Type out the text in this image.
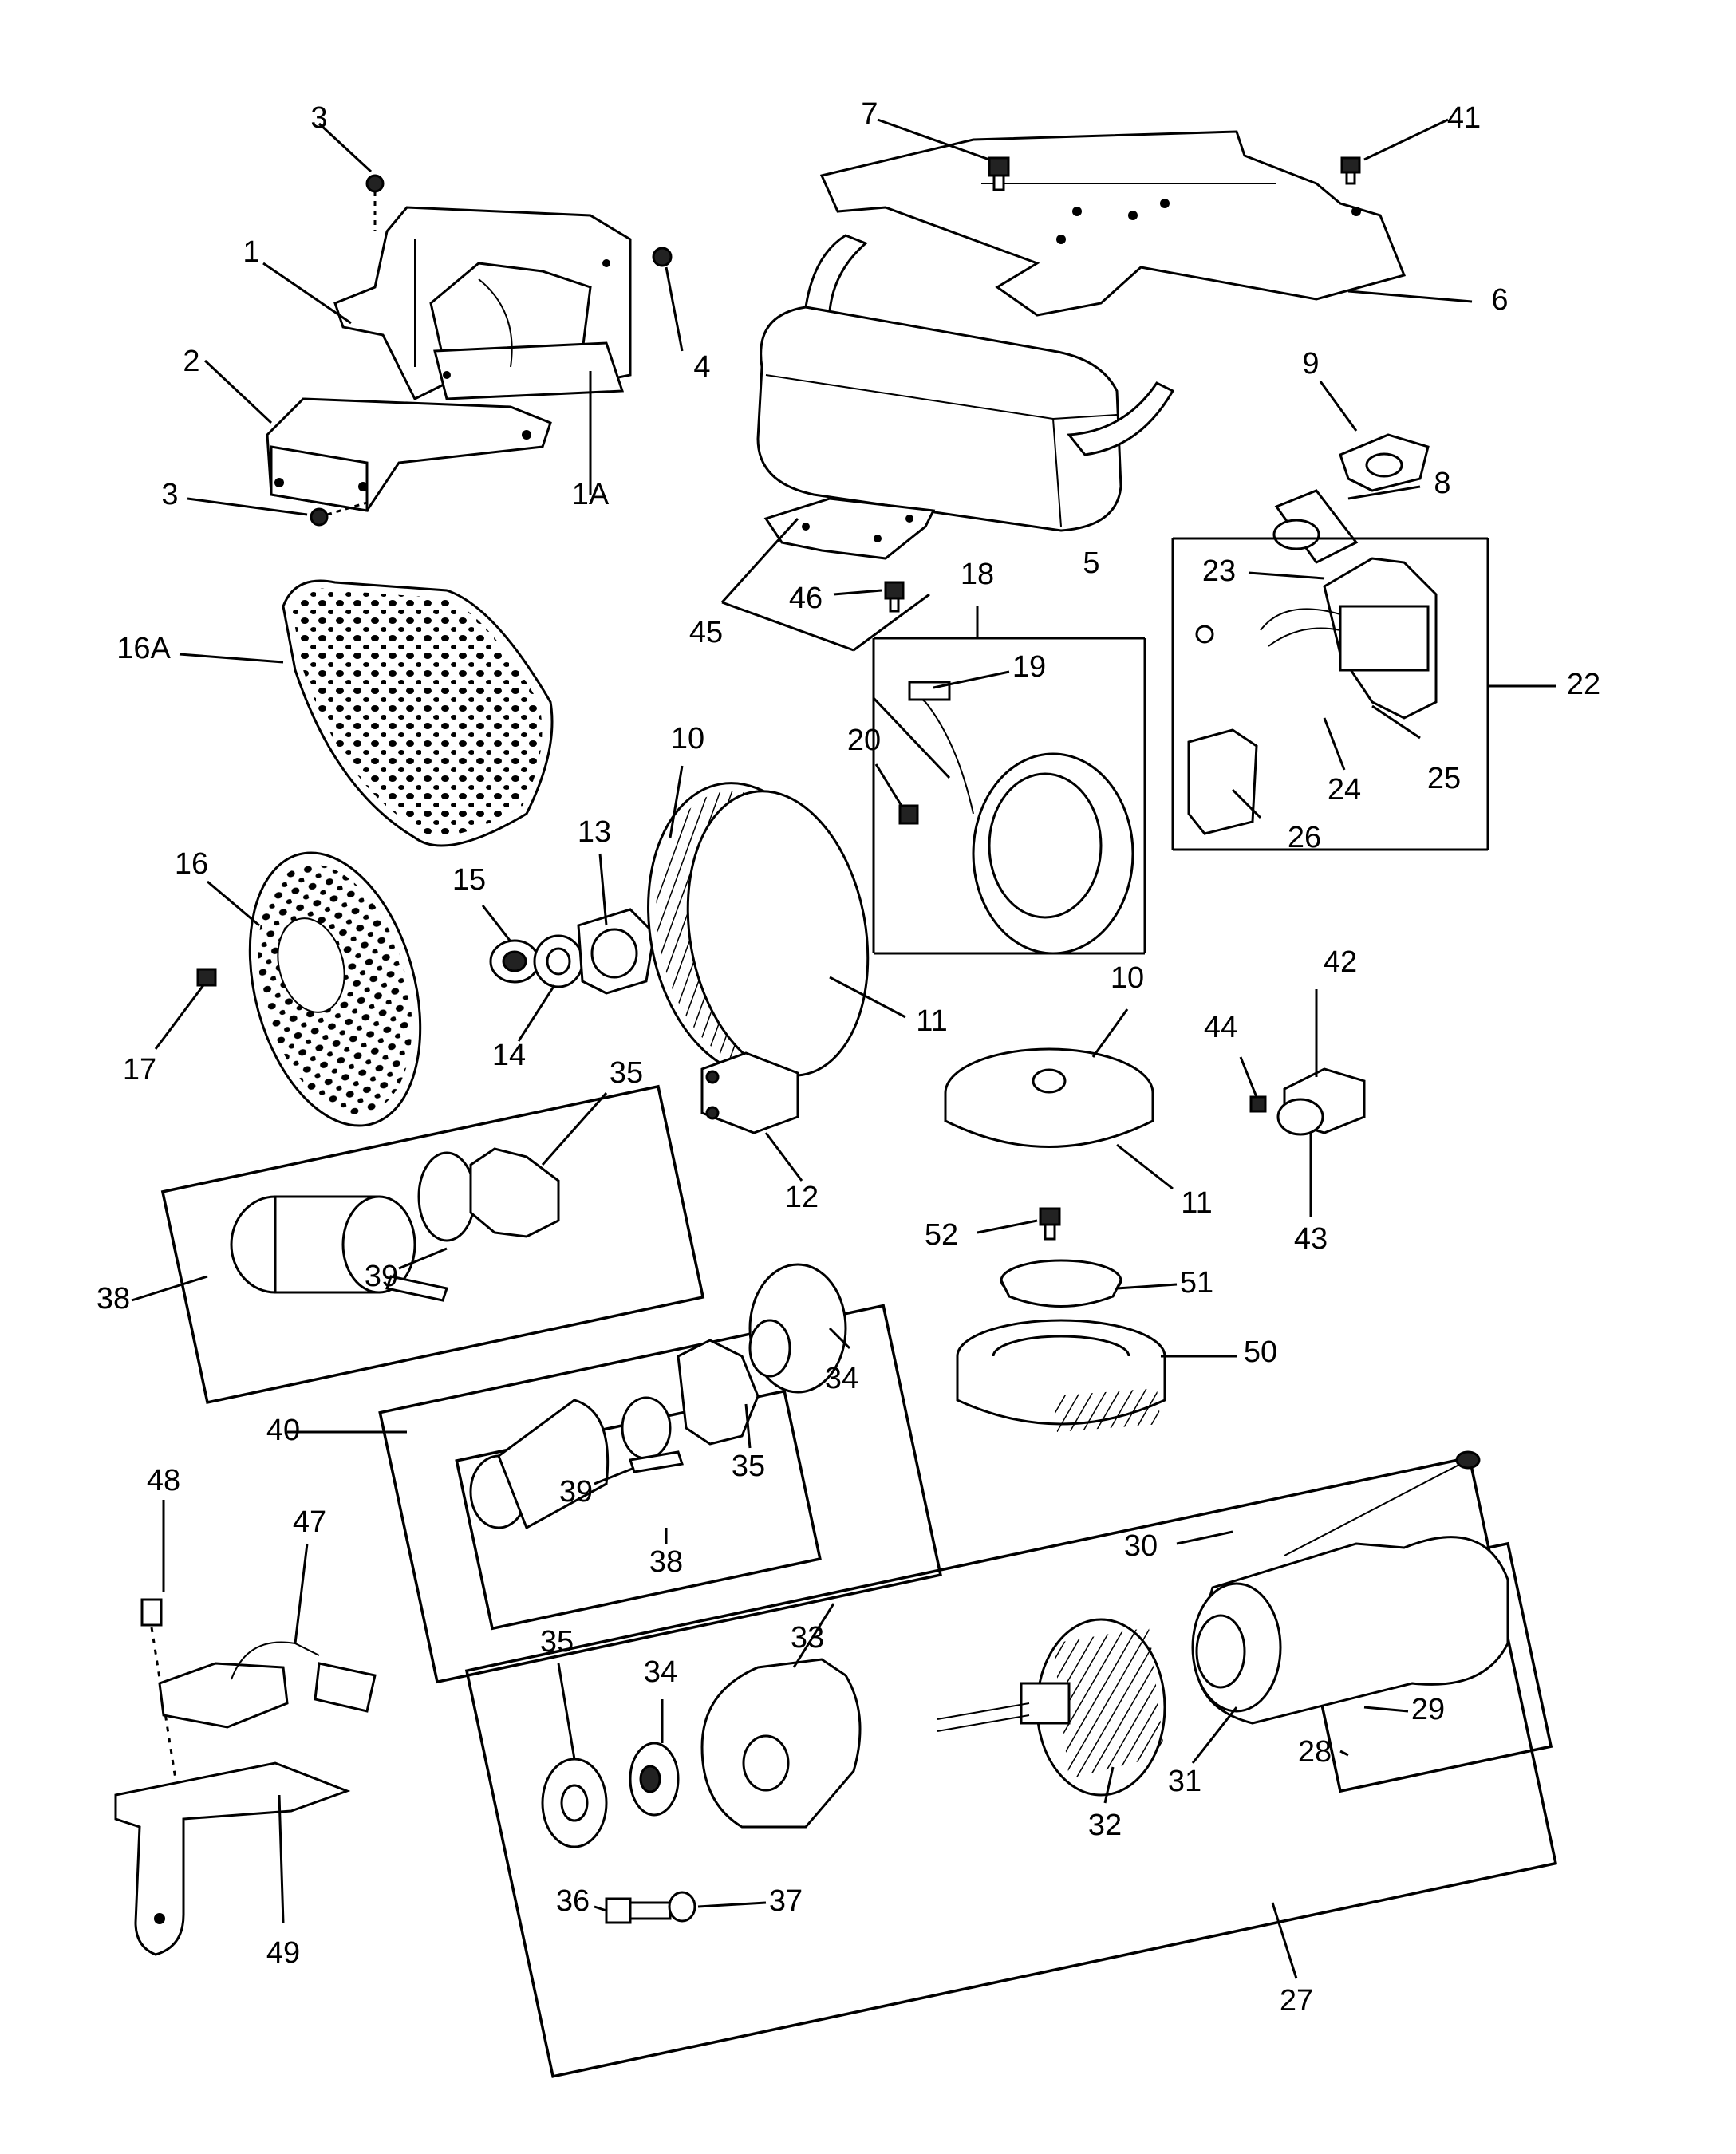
3
3
1
1A
2	4
7	41
6
9
8
5
45
46
16A
16
17
15
13
14
10
11
12
18
19
20
22
23
24 25
26
10
11
42
43
44
35
38
39
52
51
50
40
34
35
39
38
48
47
49
30
33
34
35
29
28
31
32
36	37
27
